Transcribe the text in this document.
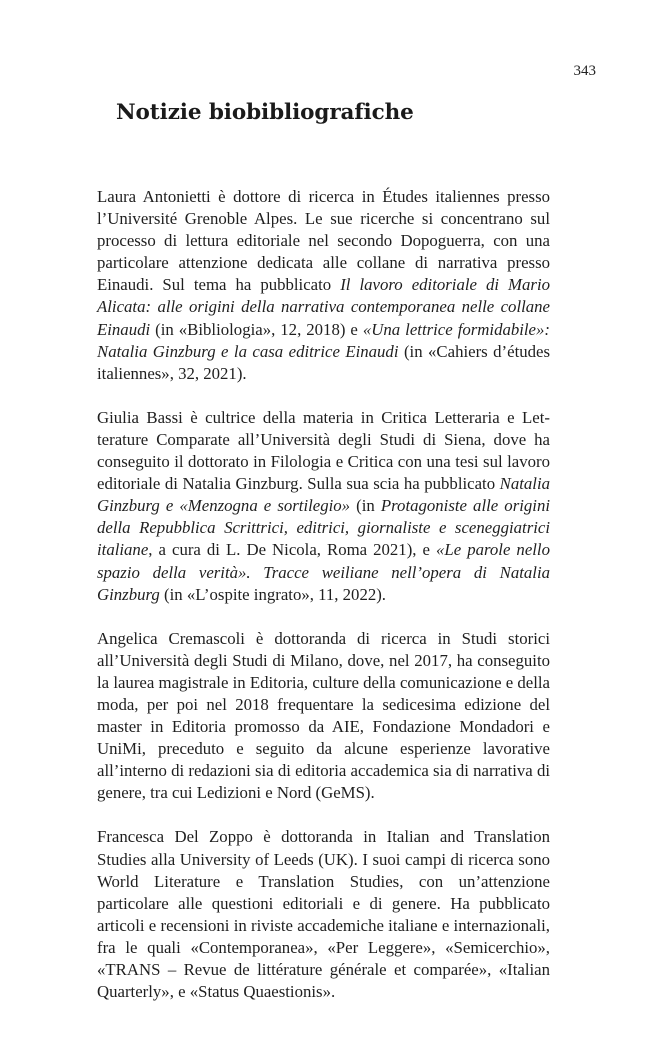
343
Notizie biobibliografiche

Laura Antonietti è dottore di ricerca in Études italiennes presso l’Université Grenoble Alpes. Le sue ricerche si concentrano sul processo di lettura editoriale nel secondo Dopoguerra, con una particolare attenzione dedicata alle collane di narrativa presso Einaudi. Sul tema ha pubblicato Il lavoro editoriale di Mario Alicata: alle origini della narrativa contemporanea nelle collane Einaudi (in «Bibliologia», 12, 2018) e «Una lettrice formidabile»: Natalia Ginzburg e la casa editrice Einaudi (in «Cahiers d’études italiennes», 32, 2021).

Giulia Bassi è cultrice della materia in Critica Letteraria e Letterature Comparate all’Università degli Studi di Siena, dove ha conseguito il dottorato in Filologia e Critica con una tesi sul lavoro editoriale di Natalia Ginzburg. Sulla sua scia ha pubblicato Natalia Ginzburg e «Menzogna e sortilegio» (in Protagoniste alle origini della Repubblica Scrittrici, editrici, giornaliste e sceneggiatrici italiane, a cura di L. De Nicola, Roma 2021), e «Le parole nello spazio della verità». Tracce weiliane nell’opera di Natalia Ginzburg (in «L’ospite ingrato», 11, 2022).

Angelica Cremascoli è dottoranda di ricerca in Studi storici all’Università degli Studi di Milano, dove, nel 2017, ha conseguito la laurea magistrale in Editoria, culture della comunicazione e della moda, per poi nel 2018 frequentare la sedicesima edizione del master in Editoria promosso da AIE, Fondazione Mondadori e UniMi, preceduto e seguito da alcune esperienze lavorative all’interno di redazioni sia di editoria accademica sia di narrativa di genere, tra cui Ledizioni e Nord (GeMS).

Francesca Del Zoppo è dottoranda in Italian and Translation Studies alla University of Leeds (UK). I suoi campi di ricerca sono World Literature e Translation Studies, con un’attenzione particolare alle questioni editoriali e di genere. Ha pubblicato articoli e recensioni in riviste accademiche italiane e internazionali, fra le quali «Contemporanea», «Per Leggere», «Semicerchio», «TRANS – Revue de littérature générale et comparée», «Italian Quarterly», e «Status Quaestionis».
